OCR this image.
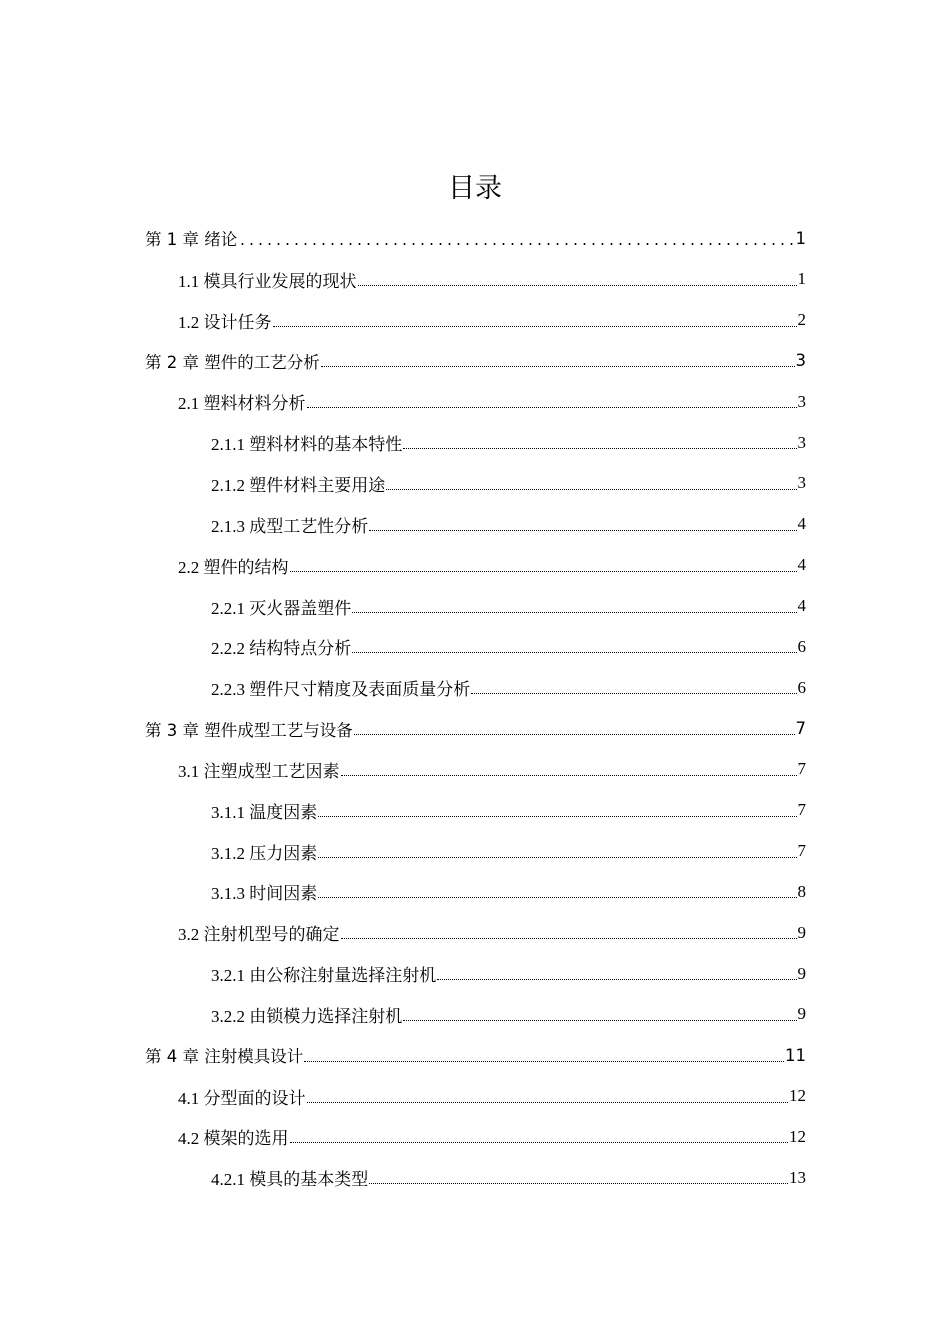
目录
第 1 章 绪论	1
1.1 模具行业发展的现状	1
1.2 设计任务	2
第 2 章 塑件的工艺分析	3
2.1 塑料材料分析	3
2.1.1 塑料材料的基本特性	3
2.1.2 塑件材料主要用途	3
2.1.3 成型工艺性分析	4
2.2 塑件的结构	4
2.2.1 灭火器盖塑件	4
2.2.2 结构特点分析	6
2.2.3 塑件尺寸精度及表面质量分析	6
第 3 章 塑件成型工艺与设备	7
3.1 注塑成型工艺因素	7
3.1.1 温度因素	7
3.1.2 压力因素	7
3.1.3 时间因素	8
3.2 注射机型号的确定	9
3.2.1 由公称注射量选择注射机	9
3.2.2 由锁模力选择注射机	9
第 4 章 注射模具设计	11
4.1 分型面的设计	12
4.2 模架的选用	12
4.2.1 模具的基本类型	13
